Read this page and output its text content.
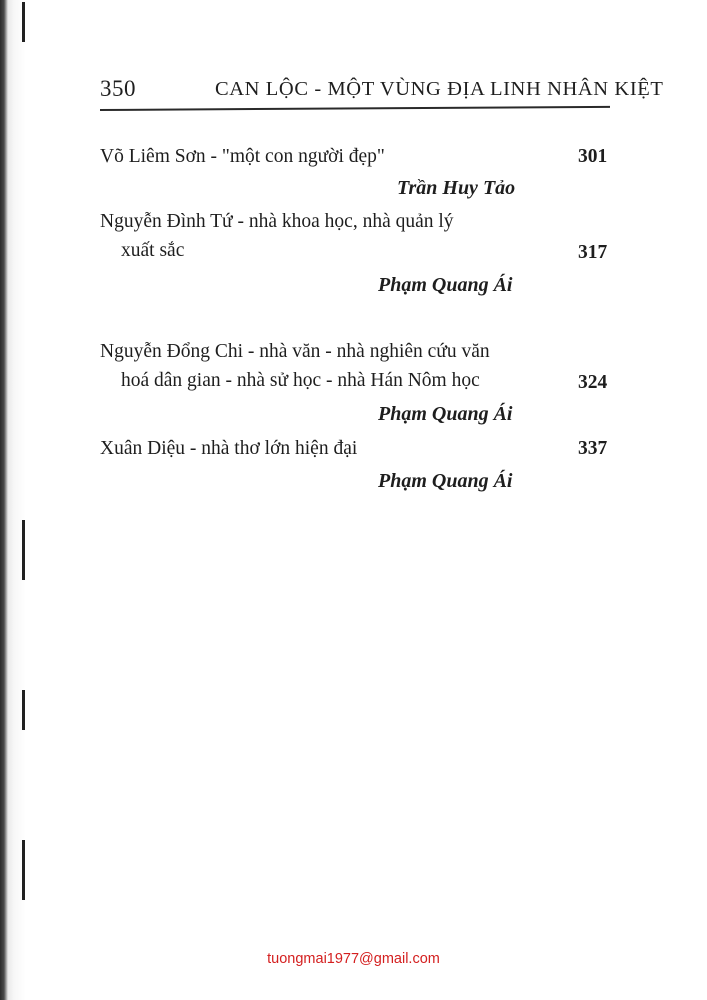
350	CAN LỘC - MỘT VÙNG ĐỊA LINH NHÂN KIỆT
Võ Liêm Sơn - "một con người đẹp"	301
Trần Huy Tảo
Nguyễn Đình Tứ - nhà khoa học, nhà quản lý
xuất sắc	317
Phạm Quang Ái
Nguyễn Đổng Chi - nhà văn - nhà nghiên cứu văn
hoá dân gian - nhà sử học - nhà Hán Nôm học	324
Phạm Quang Ái
Xuân Diệu - nhà thơ lớn hiện đại	337
Phạm Quang Ái
tuongmai1977@gmail.com
